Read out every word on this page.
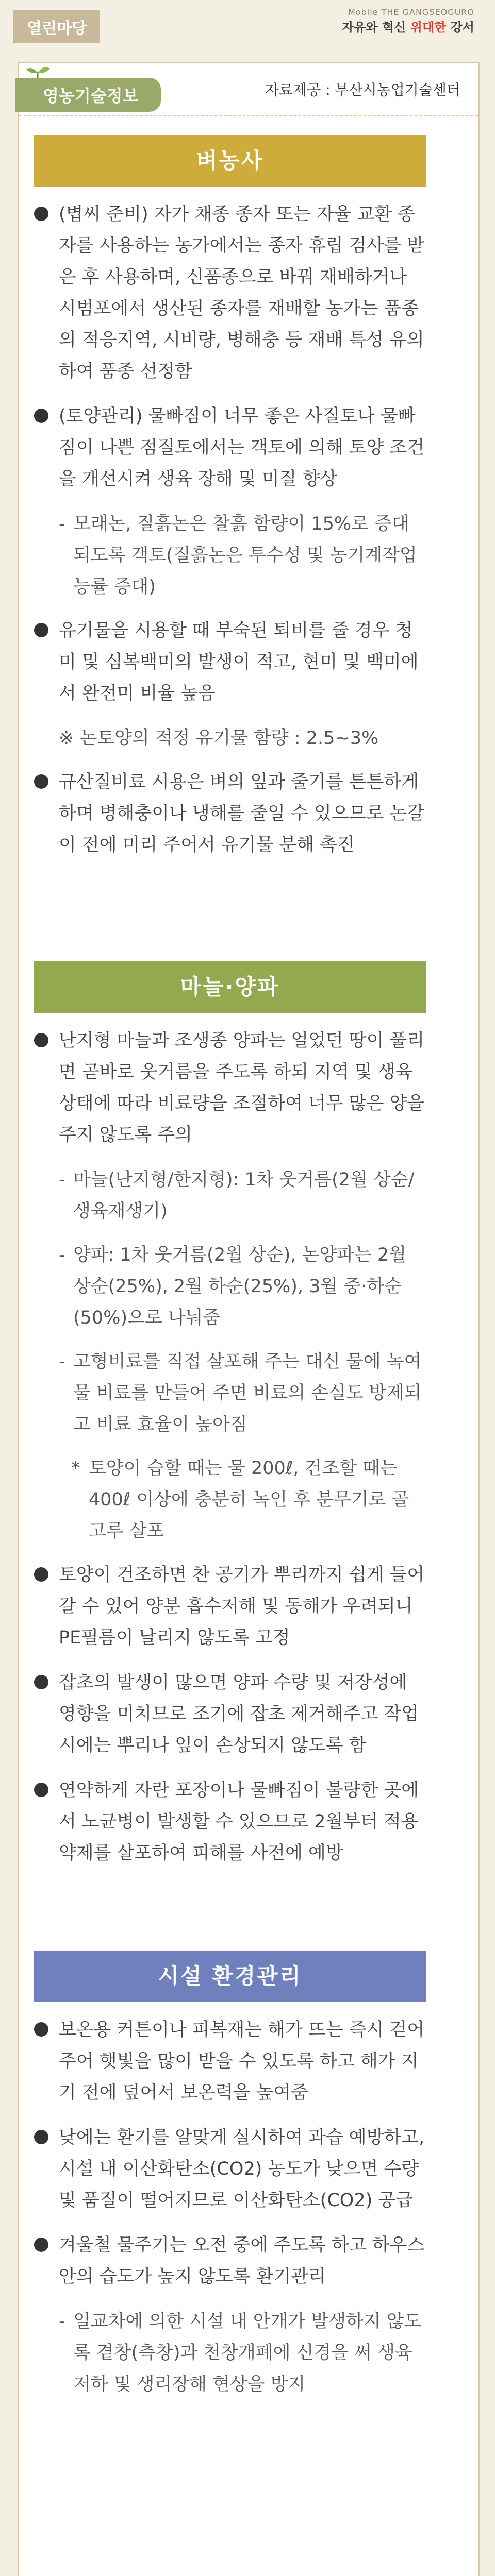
열린마당
Mobile THE GANGSEOGURO
자유와 혁신 위대한 강서
영농기술정보	자료제공 : 부산시농업기술센터
벼농사
(볍씨 준비) 자가 채종 종자 또는 자율 교환 종자를 사용하는 농가에서는 종자 휴립 검사를 받은 후 사용하며, 신품종으로 바꿔 재배하거나 시범포에서 생산된 종자를 재배할 농가는 품종의 적응지역, 시비량, 병해충 등 재배 특성 유의하여 품종 선정함
(토양관리) 물빠짐이 너무 좋은 사질토나 물빠짐이 나쁜 점질토에서는 객토에 의해 토양 조건을 개선시켜 생육 장해 및 미질 향상
- 모래논, 질흙논은 찰흙 함량이 15%로 증대되도록 객토(질흙논은 투수성 및 농기계작업 능률 증대)
유기물을 시용할 때 부숙된 퇴비를 줄 경우 청미 및 심복백미의 발생이 적고, 현미 및 백미에서 완전미 비율 높음
※ 논토양의 적정 유기물 함량 : 2.5~3%
규산질비료 시용은 벼의 잎과 줄기를 튼튼하게 하며 병해충이나 냉해를 줄일 수 있으므로 논갈이 전에 미리 주어서 유기물 분해 촉진
마늘·양파
난지형 마늘과 조생종 양파는 얼었던 땅이 풀리면 곧바로 웃거름을 주도록 하되 지역 및 생육 상태에 따라 비료량을 조절하여 너무 많은 양을 주지 않도록 주의
- 마늘(난지형/한지형): 1차 웃거름(2월 상순/생육재생기)
- 양파: 1차 웃거름(2월 상순), 논양파는 2월 상순(25%), 2월 하순(25%), 3월 중·하순(50%)으로 나눠줌
- 고형비료를 직접 살포해 주는 대신 물에 녹여 물 비료를 만들어 주면 비료의 손실도 방제되고 비료 효율이 높아짐
* 토양이 습할 때는 물 200ℓ, 건조할 때는 400ℓ 이상에 충분히 녹인 후 분무기로 골고루 살포
토양이 건조하면 찬 공기가 뿌리까지 쉽게 들어갈 수 있어 양분 흡수저해 및 동해가 우려되니 PE필름이 날리지 않도록 고정
잡초의 발생이 많으면 양파 수량 및 저장성에 영향을 미치므로 조기에 잡초 제거해주고 작업 시에는 뿌리나 잎이 손상되지 않도록 함
연약하게 자란 포장이나 물빠짐이 불량한 곳에서 노균병이 발생할 수 있으므로 2월부터 적용약제를 살포하여 피해를 사전에 예방
시설 환경관리
보온용 커튼이나 피복재는 해가 뜨는 즉시 걷어 주어 햇빛을 많이 받을 수 있도록 하고 해가 지기 전에 덮어서 보온력을 높여줌
낮에는 환기를 알맞게 실시하여 과습 예방하고, 시설 내 이산화탄소(CO2) 농도가 낮으면 수량 및 품질이 떨어지므로 이산화탄소(CO2) 공급
겨울철 물주기는 오전 중에 주도록 하고 하우스 안의 습도가 높지 않도록 환기관리
- 일교차에 의한 시설 내 안개가 발생하지 않도록 곁창(측창)과 천창개폐에 신경을 써 생육 저하 및 생리장해 현상을 방지
